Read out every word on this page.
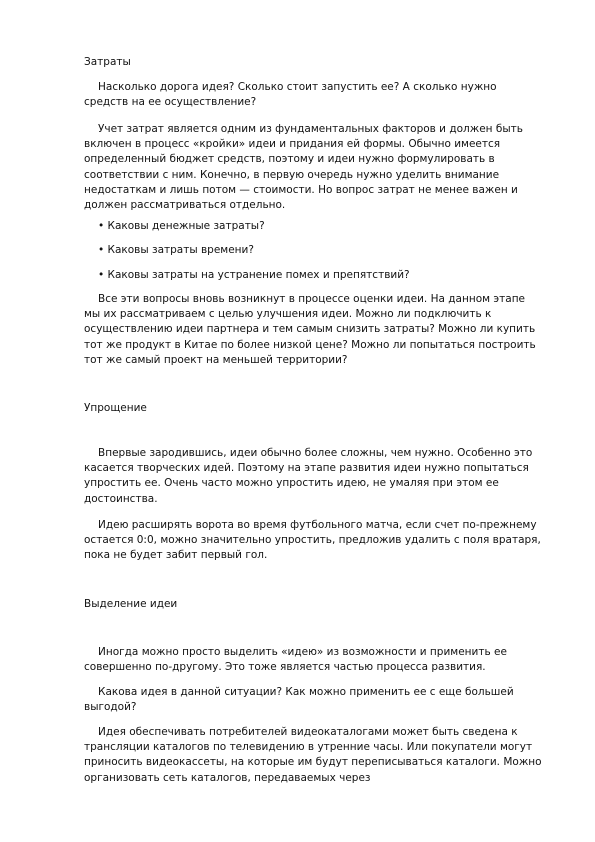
Затраты

Насколько дорога идея? Сколько стоит запустить ее? А сколько нужно средств на ее осуществление?

Учет затрат является одним из фундаментальных факторов и должен быть включен в процесс «кройки» идеи и придания ей формы. Обычно имеется определенный бюджет средств, поэтому и идеи нужно формулировать в соответствии с ним. Конечно, в первую очередь нужно уделить внимание недостаткам и лишь потом — стоимости. Но вопрос затрат не менее важен и должен рассматриваться отдельно.

• Каковы денежные затраты?
• Каковы затраты времени?
• Каковы затраты на устранение помех и препятствий?

Все эти вопросы вновь возникнут в процессе оценки идеи. На данном этапе мы их рассматриваем с целью улучшения идеи. Можно ли подключить к осуществлению идеи партнера и тем самым снизить затраты? Можно ли купить тот же продукт в Китае по более низкой цене? Можно ли попытаться построить тот же самый проект на меньшей территории?

Упрощение

Впервые зародившись, идеи обычно более сложны, чем нужно. Особенно это касается творческих идей. Поэтому на этапе развития идеи нужно попытаться упростить ее. Очень часто можно упростить идею, не умаляя при этом ее достоинства.

Идею расширять ворота во время футбольного матча, если счет по-прежнему остается 0:0, можно значительно упростить, предложив удалить с поля вратаря, пока не будет забит первый гол.

Выделение идеи

Иногда можно просто выделить «идею» из возможности и применить ее совершенно по-другому. Это тоже является частью процесса развития.

Какова идея в данной ситуации? Как можно применить ее с еще большей выгодой?

Идея обеспечивать потребителей видеокаталогами может быть сведена к трансляции каталогов по телевидению в утренние часы. Или покупатели могут приносить видеокассеты, на которые им будут переписываться каталоги. Можно организовать сеть каталогов, передаваемых через
